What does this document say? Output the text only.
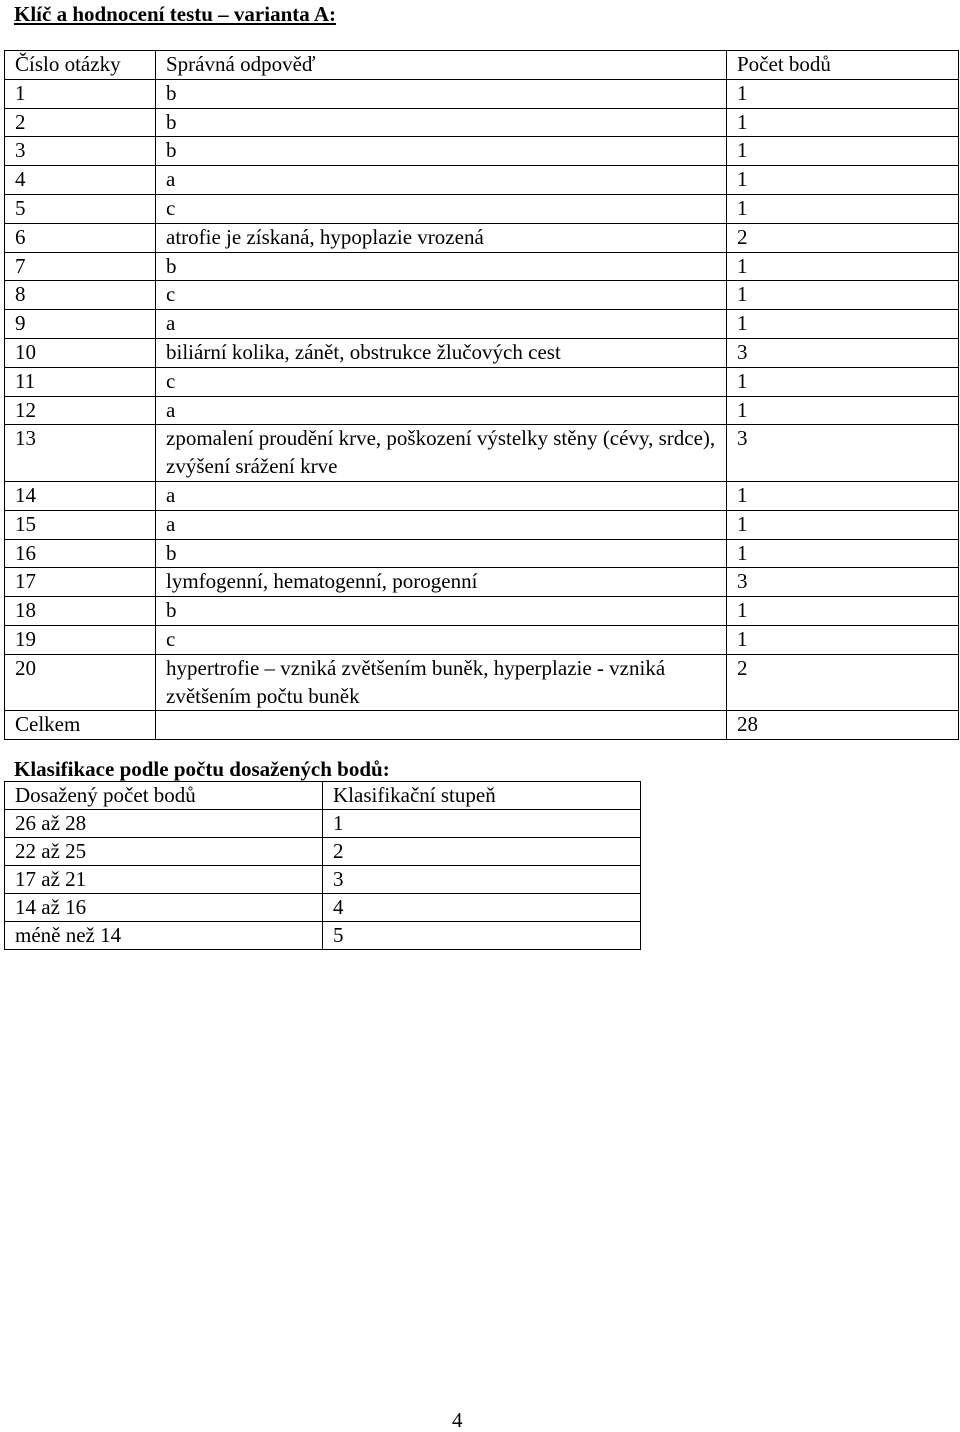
Klíč a hodnocení testu – varianta A:
Číslo otázky	Správná odpověď	Počet bodů
1	b	1
2	b	1
3	b	1
4	a	1
5	c	1
6	atrofie je získaná, hypoplazie vrozená	2
7	b	1
8	c	1
9	a	1
10	biliární kolika, zánět, obstrukce žlučových cest	3
11	c	1
12	a	1
13	zpomalení proudění krve, poškození výstelky stěny (cévy, srdce), zvýšení srážení krve	3
14	a	1
15	a	1
16	b	1
17	lymfogenní, hematogenní, porogenní	3
18	b	1
19	c	1
20	hypertrofie – vzniká zvětšením buněk, hyperplazie - vzniká zvětšením počtu buněk	2
Celkem		28
Klasifikace podle počtu dosažených bodů:
Dosažený počet bodů	Klasifikační stupeň
26 až 28	1
22 až 25	2
17 až 21	3
14 až 16	4
méně než 14	5
4
